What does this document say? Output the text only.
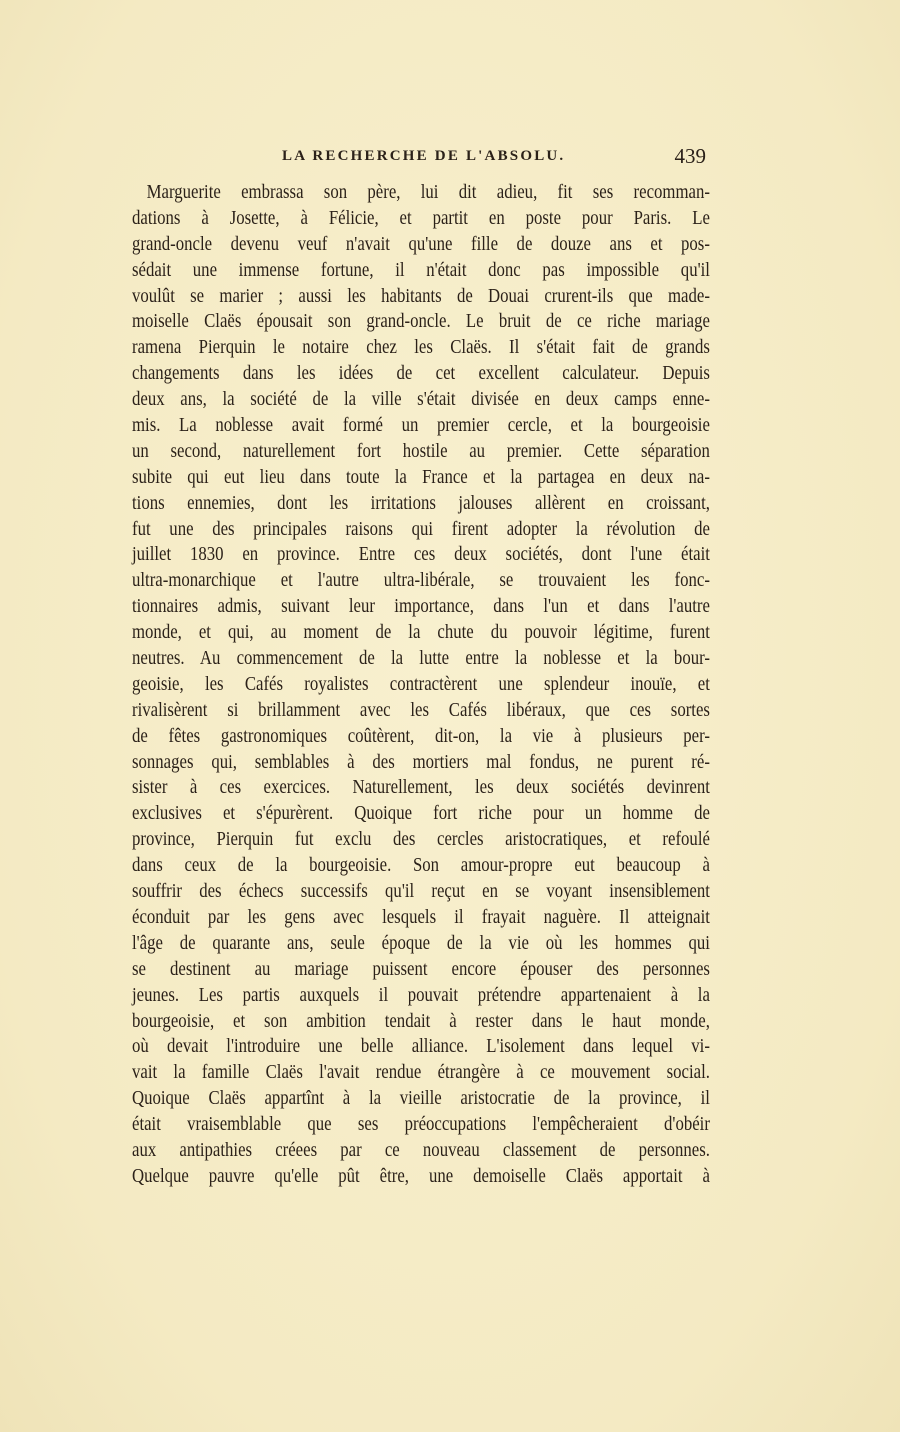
LA RECHERCHE DE L'ABSOLU.	439
Marguerite embrassa son père, lui dit adieu, fit ses recomman-
dations à Josette, à Félicie, et partit en poste pour Paris. Le
grand-oncle devenu veuf n'avait qu'une fille de douze ans et pos-
sédait une immense fortune, il n'était donc pas impossible qu'il
voulût se marier ; aussi les habitants de Douai crurent-ils que made-
moiselle Claës épousait son grand-oncle. Le bruit de ce riche mariage
ramena Pierquin le notaire chez les Claës. Il s'était fait de grands
changements dans les idées de cet excellent calculateur. Depuis
deux ans, la société de la ville s'était divisée en deux camps enne-
mis. La noblesse avait formé un premier cercle, et la bourgeoisie
un second, naturellement fort hostile au premier. Cette séparation
subite qui eut lieu dans toute la France et la partagea en deux na-
tions ennemies, dont les irritations jalouses allèrent en croissant,
fut une des principales raisons qui firent adopter la révolution de
juillet 1830 en province. Entre ces deux sociétés, dont l'une était
ultra-monarchique et l'autre ultra-libérale, se trouvaient les fonc-
tionnaires admis, suivant leur importance, dans l'un et dans l'autre
monde, et qui, au moment de la chute du pouvoir légitime, furent
neutres. Au commencement de la lutte entre la noblesse et la bour-
geoisie, les Cafés royalistes contractèrent une splendeur inouïe, et
rivalisèrent si brillamment avec les Cafés libéraux, que ces sortes
de fêtes gastronomiques coûtèrent, dit-on, la vie à plusieurs per-
sonnages qui, semblables à des mortiers mal fondus, ne purent ré-
sister à ces exercices. Naturellement, les deux sociétés devinrent
exclusives et s'épurèrent. Quoique fort riche pour un homme de
province, Pierquin fut exclu des cercles aristocratiques, et refoulé
dans ceux de la bourgeoisie. Son amour-propre eut beaucoup à
souffrir des échecs successifs qu'il reçut en se voyant insensiblement
éconduit par les gens avec lesquels il frayait naguère. Il atteignait
l'âge de quarante ans, seule époque de la vie où les hommes qui
se destinent au mariage puissent encore épouser des personnes
jeunes. Les partis auxquels il pouvait prétendre appartenaient à la
bourgeoisie, et son ambition tendait à rester dans le haut monde,
où devait l'introduire une belle alliance. L'isolement dans lequel vi-
vait la famille Claës l'avait rendue étrangère à ce mouvement social.
Quoique Claës appartînt à la vieille aristocratie de la province, il
était vraisemblable que ses préoccupations l'empêcheraient d'obéir
aux antipathies créees par ce nouveau classement de personnes.
Quelque pauvre qu'elle pût être, une demoiselle Claës apportait à
